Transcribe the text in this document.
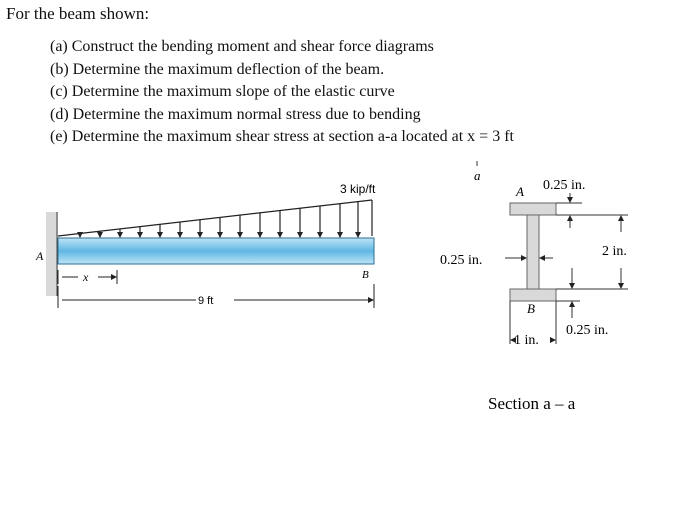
For the beam shown:
(a) Construct the bending moment and shear force diagrams
(b) Determine the maximum deflection of the beam.
(c) Determine the maximum slope of the elastic curve
(d) Determine the maximum normal stress due to bending
(e) Determine the maximum shear stress at section a-a located at x = 3 ft
3 kip/ft
A
B
x
9 ft
a
A
B
0.25 in.
2 in.
0.25 in.
0.25 in.
1 in.
Section a – a
